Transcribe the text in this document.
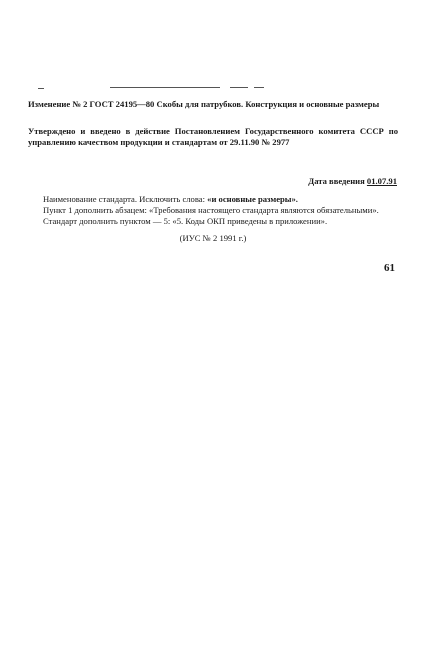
Изменение № 2 ГОСТ 24195—80 Скобы для патрубков. Конструкция и основные размеры

Утверждено и введено в действие Постановлением Государственного комитета СССР по управлению качеством продукции и стандартам от 29.11.90 № 2977

Дата введения 01.07.91

Наименование стандарта. Исключить слова: «и основные размеры».

Пункт 1 дополнить абзацем: «Требования настоящего стандарта являются обязательными».

Стандарт дополнить пунктом — 5: «5. Коды ОКП приведены в приложении».

(ИУС № 2 1991 г.)

61
